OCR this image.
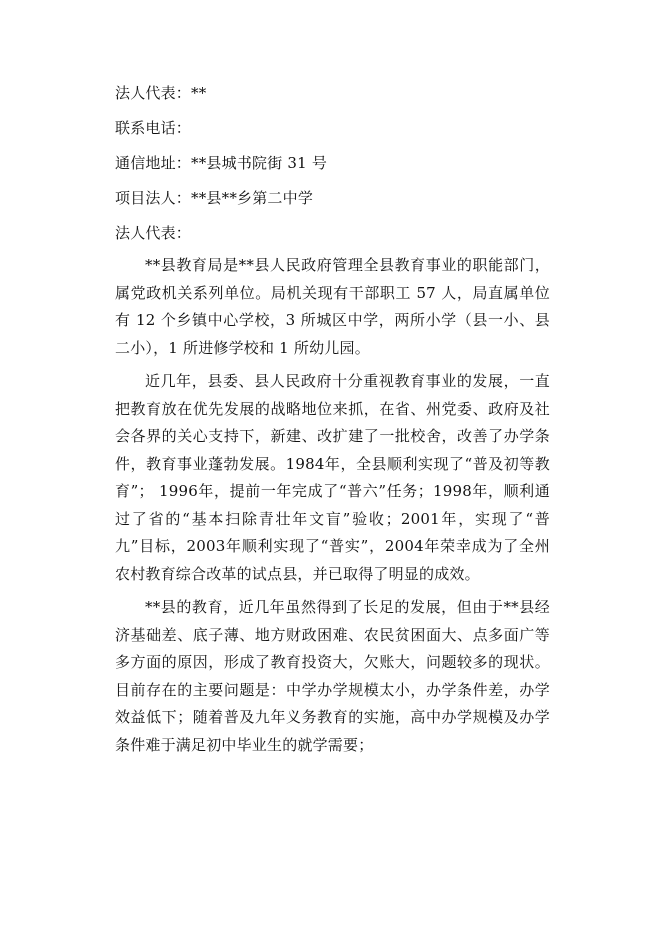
法人代表：**
联系电话：
通信地址：**县城书院街 31 号
项目法人：**县**乡第二中学
法人代表：

**县教育局是**县人民政府管理全县教育事业的职能部门，属党政机关系列单位。局机关现有干部职工 57 人，局直属单位有 12 个乡镇中心学校，3 所城区中学，两所小学（县一小、县二小），1 所进修学校和 1 所幼儿园。

近几年，县委、县人民政府十分重视教育事业的发展，一直把教育放在优先发展的战略地位来抓，在省、州党委、政府及社会各界的关心支持下，新建、改扩建了一批校舍，改善了办学条件，教育事业蓬勃发展。1984年，全县顺利实现了“普及初等教育”； 1996年，提前一年完成了“普六”任务；1998年，顺利通过了省的“基本扫除青壮年文盲”验收；2001年，实现了“普九”目标，2003年顺利实现了“普实”，2004年荣幸成为了全州农村教育综合改革的试点县，并已取得了明显的成效。

**县的教育，近几年虽然得到了长足的发展，但由于**县经济基础差、底子薄、地方财政困难、农民贫困面大、点多面广等多方面的原因，形成了教育投资大，欠账大，问题较多的现状。目前存在的主要问题是：中学办学规模太小，办学条件差，办学效益低下；随着普及九年义务教育的实施，高中办学规模及办学条件难于满足初中毕业生的就学需要；
